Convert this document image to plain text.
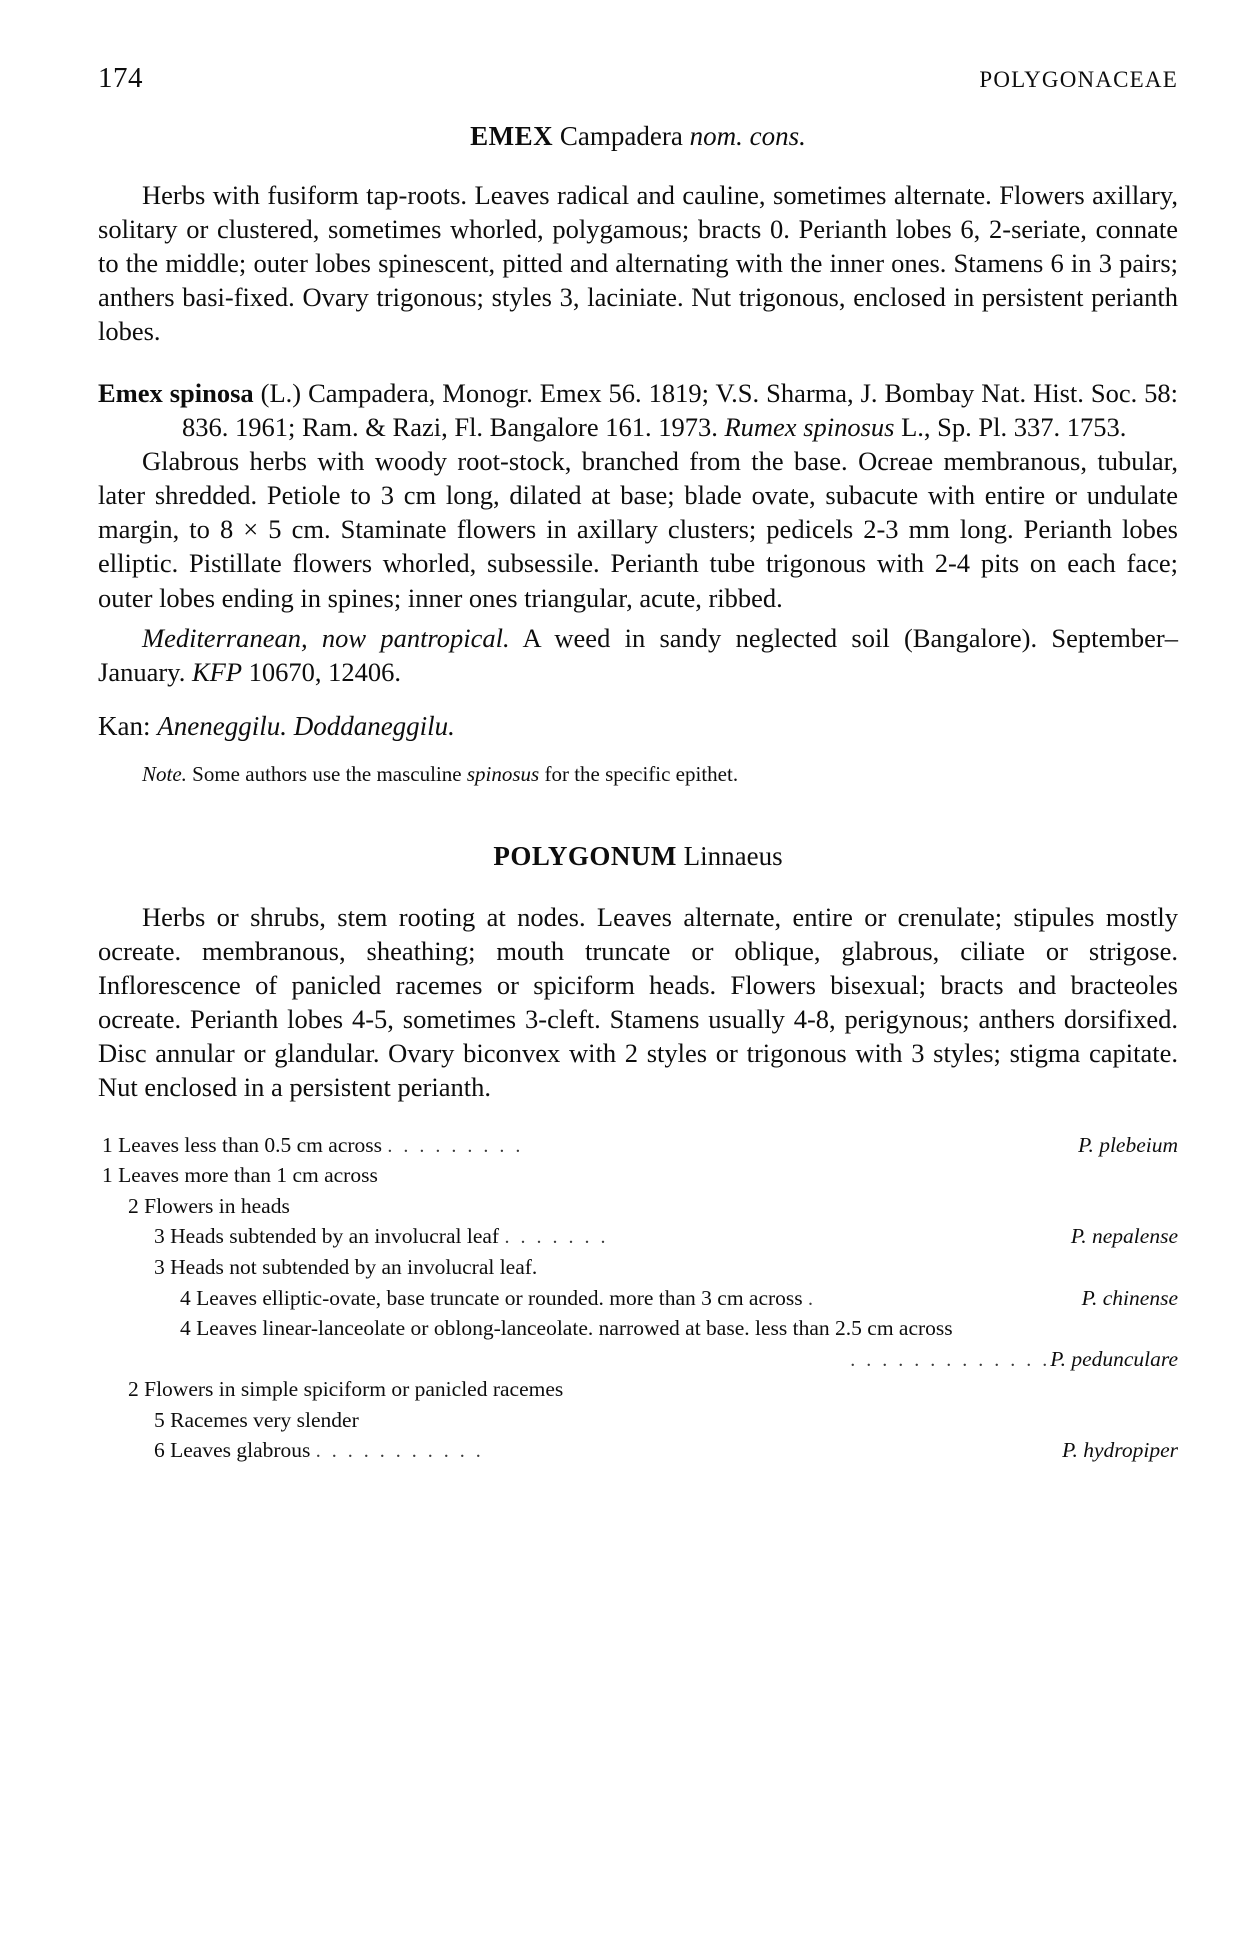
174	POLYGONACEAE
EMEX Campadera nom. cons.

Herbs with fusiform tap-roots. Leaves radical and cauline, sometimes alternate. Flowers axillary, solitary or clustered, sometimes whorled, polygamous; bracts 0. Perianth lobes 6, 2-seriate, connate to the middle; outer lobes spinescent, pitted and alternating with the inner ones. Stamens 6 in 3 pairs; anthers basi-fixed. Ovary trigonous; styles 3, laciniate. Nut trigonous, enclosed in persistent perianth lobes.

Emex spinosa (L.) Campadera, Monogr. Emex 56. 1819; V.S. Sharma, J. Bombay Nat. Hist. Soc. 58: 836. 1961; Ram. & Razi, Fl. Bangalore 161. 1973. Rumex spinosus L., Sp. Pl. 337. 1753.

Glabrous herbs with woody root-stock, branched from the base. Ocreae membranous, tubular, later shredded. Petiole to 3 cm long, dilated at base; blade ovate, subacute with entire or undulate margin, to 8 × 5 cm. Staminate flowers in axillary clusters; pedicels 2-3 mm long. Perianth lobes elliptic. Pistillate flowers whorled, subsessile. Perianth tube trigonous with 2-4 pits on each face; outer lobes ending in spines; inner ones triangular, acute, ribbed.

Mediterranean, now pantropical. A weed in sandy neglected soil (Bangalore). September–January. KFP 10670, 12406.

Kan: Aneneggilu. Doddaneggilu.

Note. Some authors use the masculine spinosus for the specific epithet.

POLYGONUM Linnaeus

Herbs or shrubs, stem rooting at nodes. Leaves alternate, entire or crenulate; stipules mostly ocreate. membranous, sheathing; mouth truncate or oblique, glabrous, ciliate or strigose. Inflorescence of panicled racemes or spiciform heads. Flowers bisexual; bracts and bracteoles ocreate. Perianth lobes 4-5, sometimes 3-cleft. Stamens usually 4-8, perigynous; anthers dorsifixed. Disc annular or glandular. Ovary biconvex with 2 styles or trigonous with 3 styles; stigma capitate. Nut enclosed in a persistent perianth.

P. plebeium
1 Leaves less than 0.5 cm across . . . . . . . . .
1 Leaves more than 1 cm across
2 Flowers in heads
P. nepalense
3 Heads subtended by an involucral leaf . . . . . . .
3 Heads not subtended by an involucral leaf.
P. chinense
4 Leaves elliptic-ovate, base truncate or rounded. more than 3 cm across .
4 Leaves linear-lanceolate or oblong-lanceolate. narrowed at base. less than 2.5 cm across
P. pedunculare
. . . . . . . . . . . . .
2 Flowers in simple spiciform or panicled racemes
5 Racemes very slender
P. hydropiper
6 Leaves glabrous . . . . . . . . . . .
